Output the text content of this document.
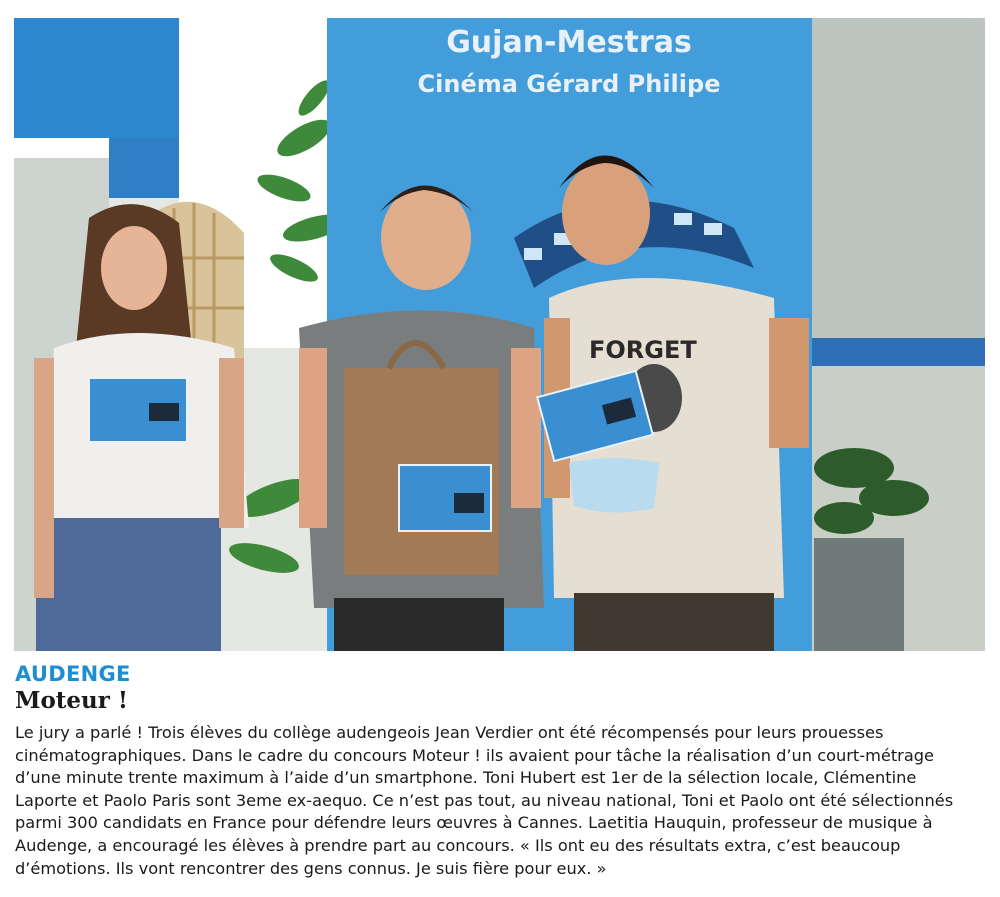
Gujan-Mestras
Cinéma Gérard Philipe
FORGET
AUDENGE
Moteur !

Le jury a parlé ! Trois élèves du collège audengeois Jean Verdier ont été récompensés pour leurs prouesses cinématographiques. Dans le cadre du concours Moteur ! ils avaient pour tâche la réalisation d’un court-métrage d’une minute trente maximum à l’aide d’un smartphone. Toni Hubert est 1er de la sélection locale, Clémentine Laporte et Paolo Paris sont 3eme ex-aequo. Ce n’est pas tout, au niveau national, Toni et Paolo ont été sélectionnés parmi 300 candidats en France pour défendre leurs œuvres à Cannes. Laetitia Hauquin, professeur de musique à Audenge, a encouragé les élèves à prendre part au concours. « Ils ont eu des résultats extra, c’est beaucoup d’émotions. Ils vont rencontrer des gens connus. Je suis fière pour eux. »
